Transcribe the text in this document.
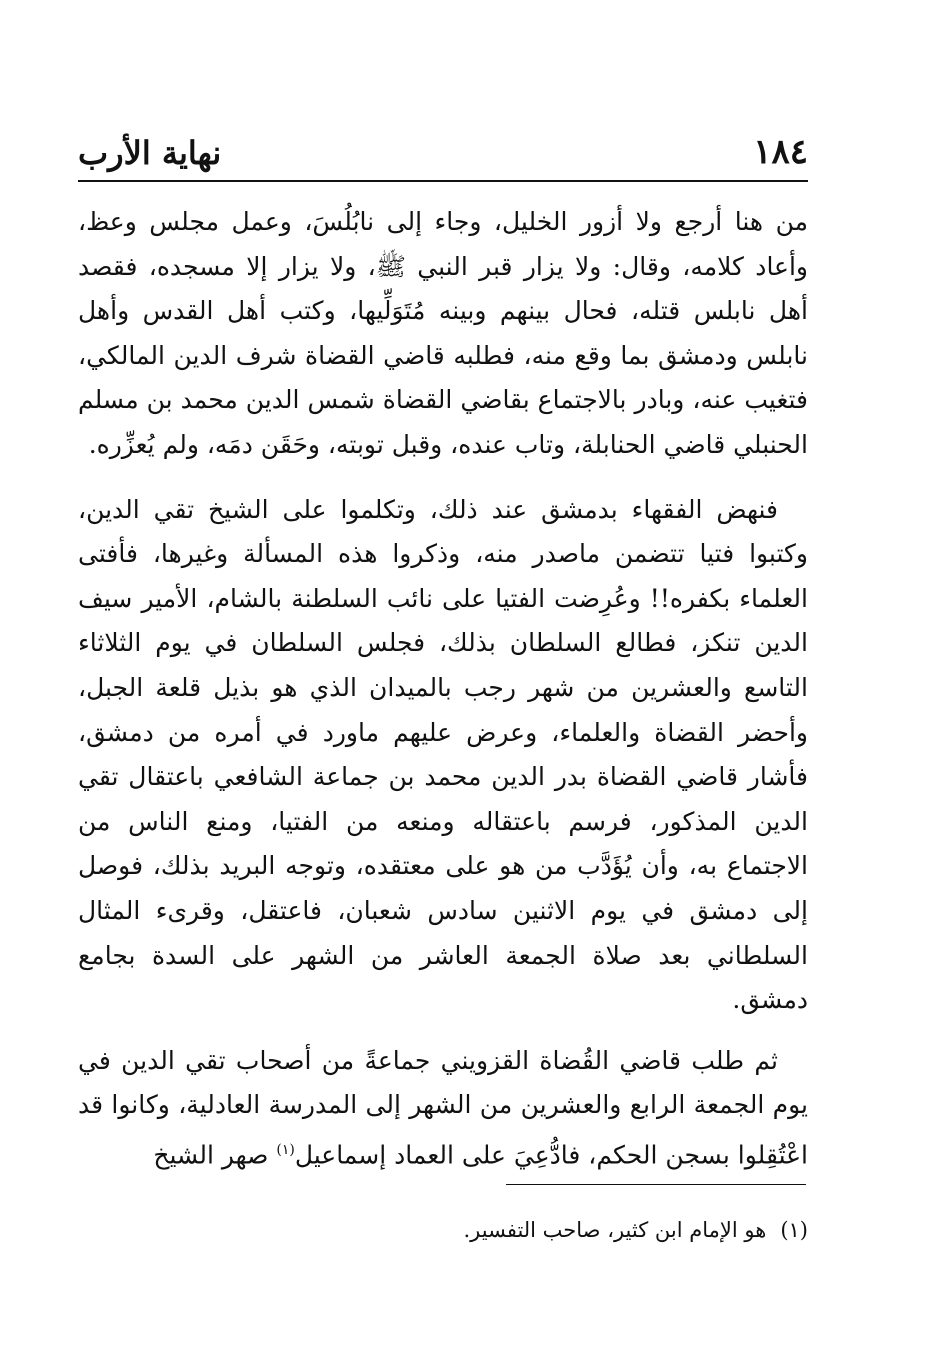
١٨٤
نهاية الأرب

من هنا أرجع ولا أزور الخليل، وجاء إلى نابُلُسَ، وعمل مجلس وعظ، وأعاد كلامه، وقال: ولا يزار قبر النبي ﷺ، ولا يزار إلا مسجده، فقصد أهل نابلس قتله، فحال بينهم وبينه مُتَوَلِّيها، وكتب أهل القدس وأهل نابلس ودمشق بما وقع منه، فطلبه قاضي القضاة شرف الدين المالكي، فتغيب عنه، وبادر بالاجتماع بقاضي القضاة شمس الدين محمد بن مسلم الحنبلي قاضي الحنابلة، وتاب عنده، وقبل توبته، وحَقَن دمَه، ولم يُعزِّره.

فنهض الفقهاء بدمشق عند ذلك، وتكلموا على الشيخ تقي الدين، وكتبوا فتيا تتضمن ماصدر منه، وذكروا هذه المسألة وغيرها، فأفتى العلماء بكفره!! وعُرِضت الفتيا على نائب السلطنة بالشام، الأمير سيف الدين تنكز، فطالع السلطان بذلك، فجلس السلطان في يوم الثلاثاء التاسع والعشرين من شهر رجب بالميدان الذي هو بذيل قلعة الجبل، وأحضر القضاة والعلماء، وعرض عليهم ماورد في أمره من دمشق، فأشار قاضي القضاة بدر الدين محمد بن جماعة الشافعي باعتقال تقي الدين المذكور، فرسم باعتقاله ومنعه من الفتيا، ومنع الناس من الاجتماع به، وأن يُؤَدَّب من هو على معتقده، وتوجه البريد بذلك، فوصل إلى دمشق في يوم الاثنين سادس شعبان، فاعتقل، وقرىء المثال السلطاني بعد صلاة الجمعة العاشر من الشهر على السدة بجامع دمشق.

ثم طلب قاضي القُضاة القزويني جماعةً من أصحاب تقي الدين في يوم الجمعة الرابع والعشرين من الشهر إلى المدرسة العادلية، وكانوا قد اعْتُقِلوا بسجن الحكم، فادُّعِيَ على العماد إسماعيل$^{(١)}$ صهر الشيخ

(١)هو الإمام ابن كثير، صاحب التفسير.
